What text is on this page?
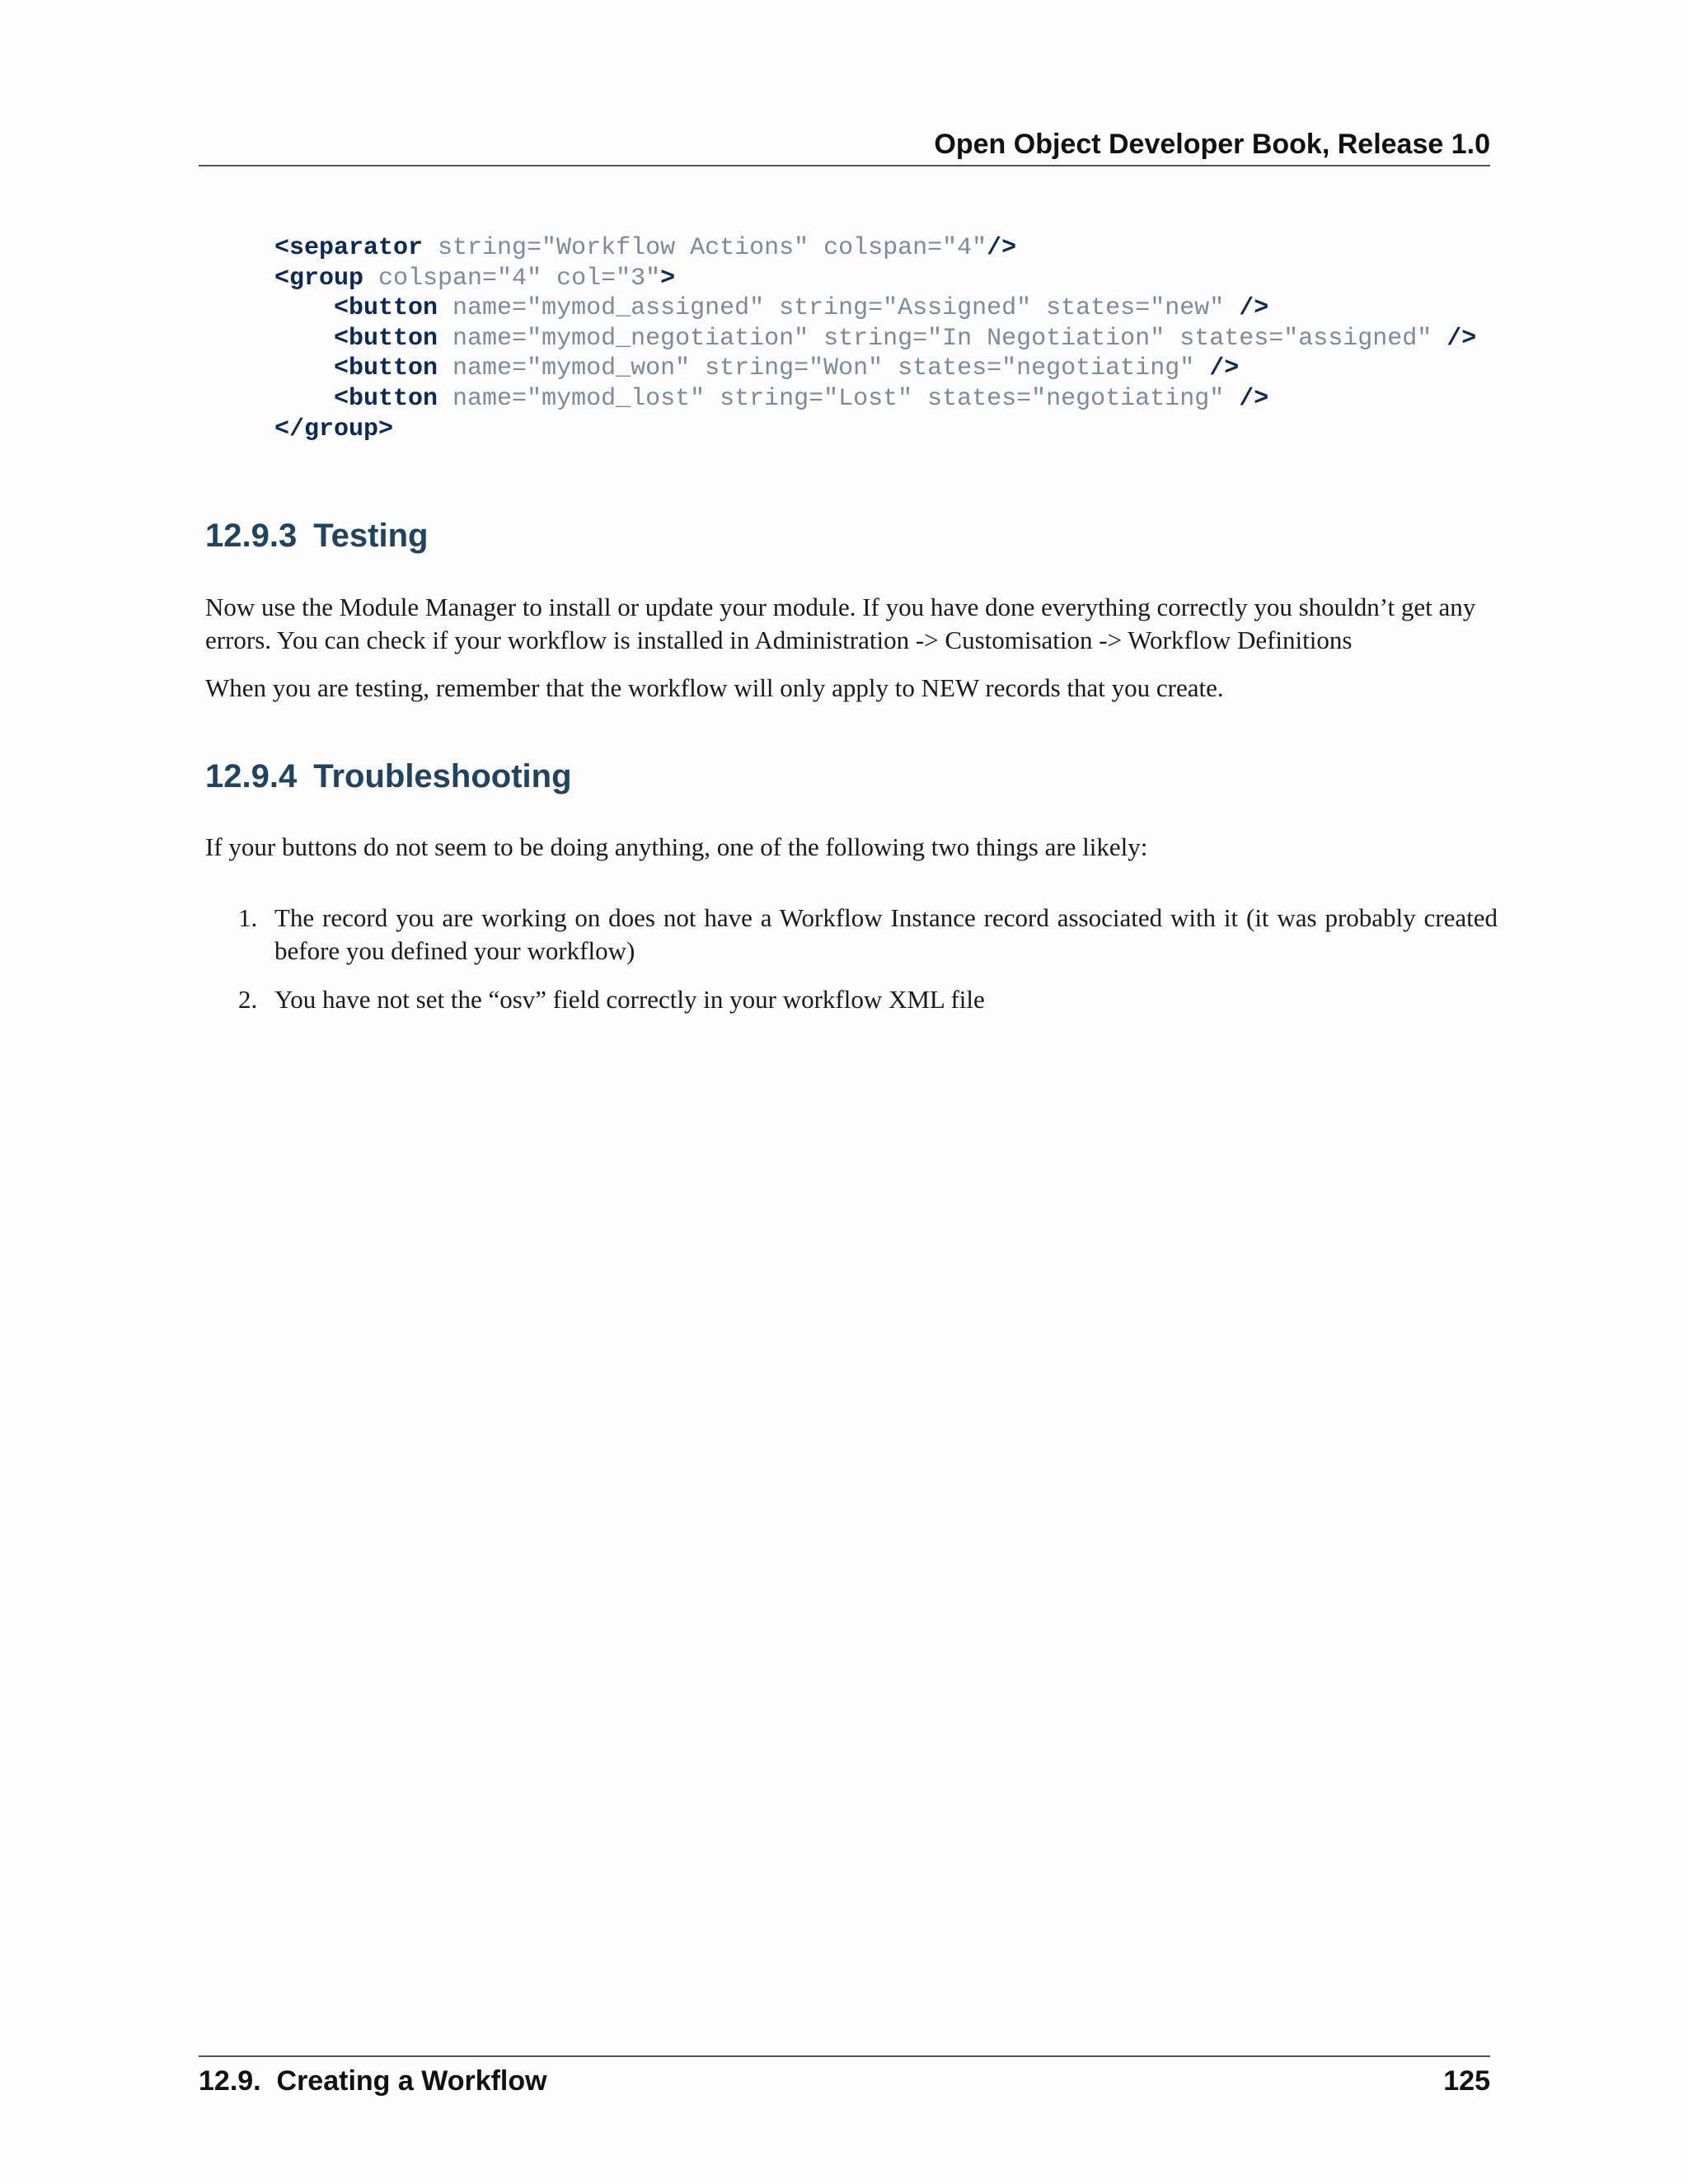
Open Object Developer Book, Release 1.0
<separator string="Workflow Actions" colspan="4"/>
<group colspan="4" col="3">
<button name="mymod_assigned" string="Assigned" states="new" />
<button name="mymod_negotiation" string="In Negotiation" states="assigned" />
<button name="mymod_won" string="Won" states="negotiating" />
<button name="mymod_lost" string="Lost" states="negotiating" />
</group>
12.9.3 Testing

Now use the Module Manager to install or update your module. If you have done everything correctly you shouldn’t get any errors. You can check if your workflow is installed in Administration -> Customisation -> Workflow Definitions

When you are testing, remember that the workflow will only apply to NEW records that you create.

12.9.4 Troubleshooting

If your buttons do not seem to be doing anything, one of the following two things are likely:

1. The record you are working on does not have a Workflow Instance record associated with it (it was probably created before you defined your workflow)
2. You have not set the “osv” field correctly in your workflow XML file
12.9.  Creating a Workflow	125
